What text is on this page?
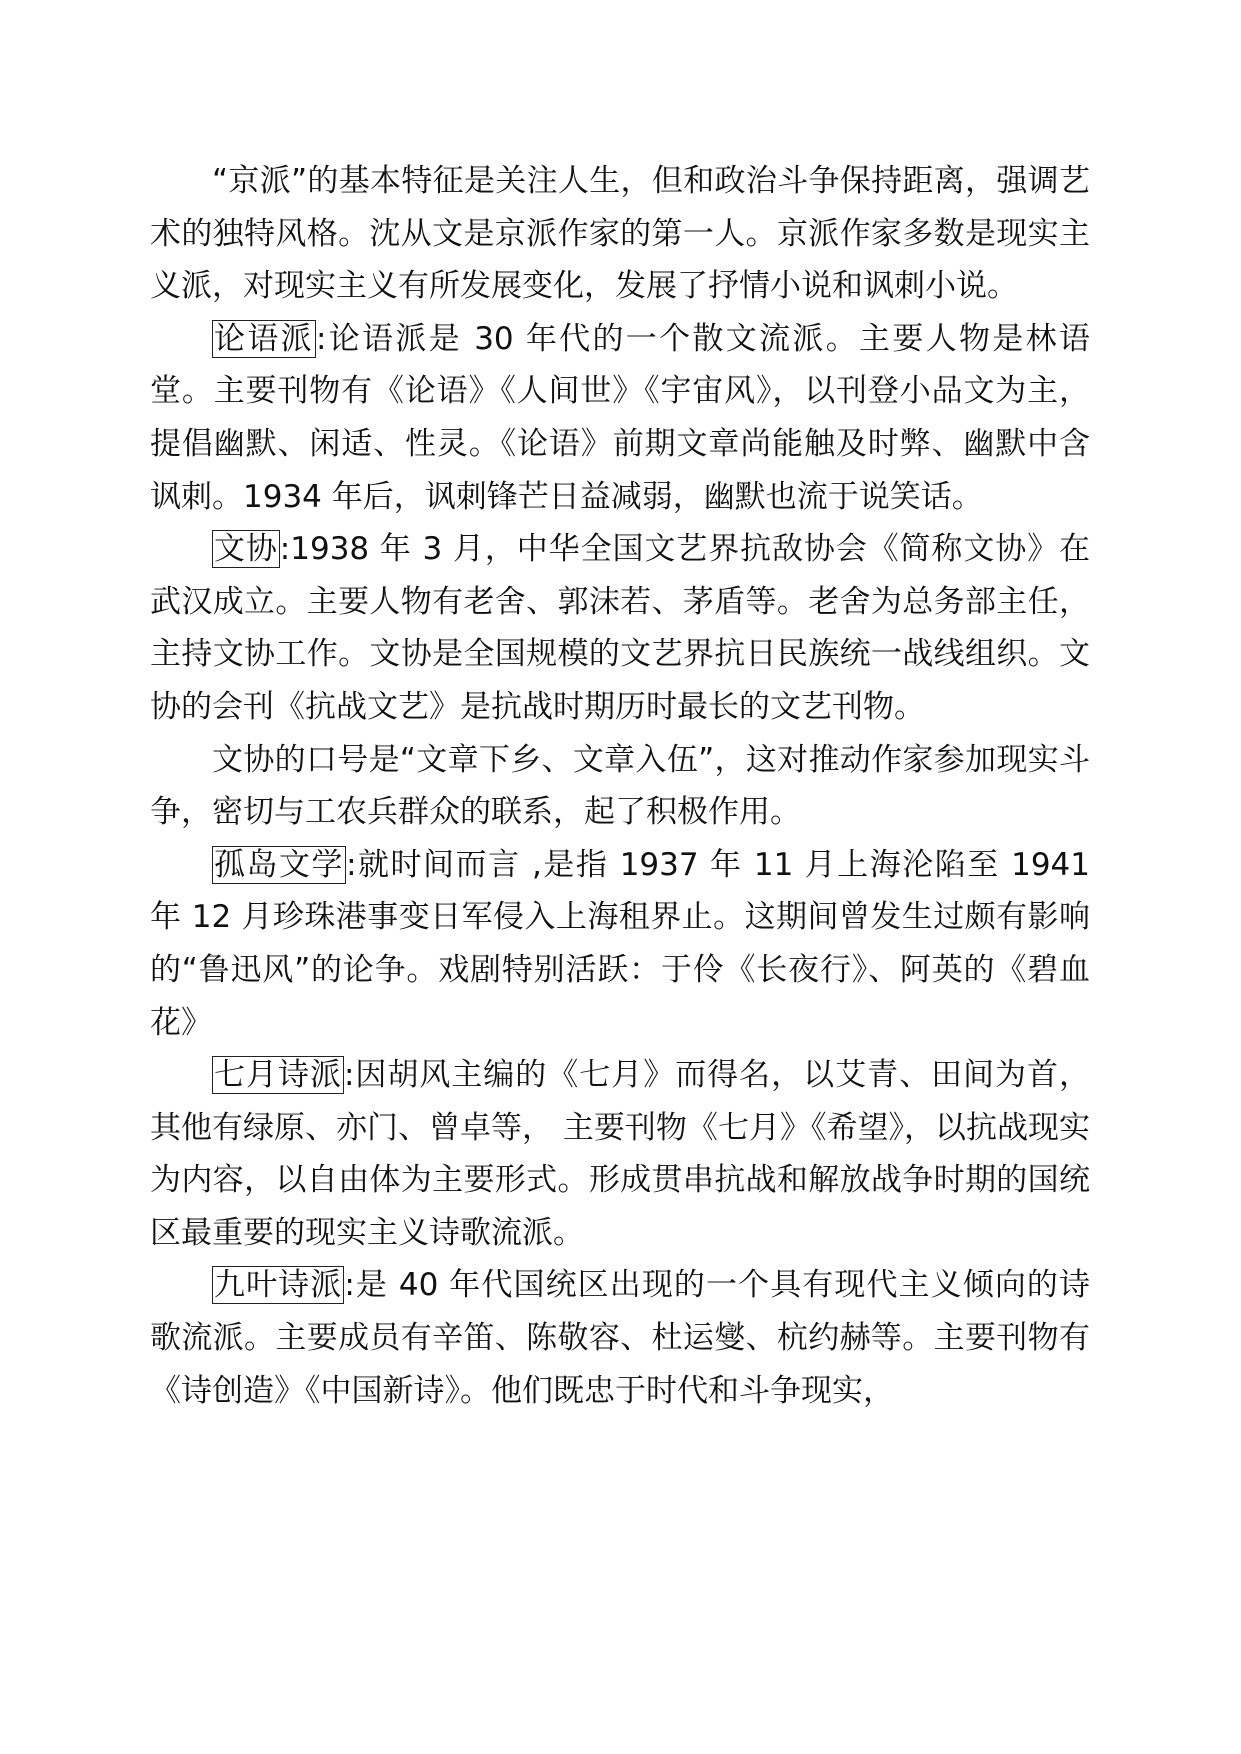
“京派”的基本特征是关注人生，但和政治斗争保持距离，强调艺术的独特风格。沈从文是京派作家的第一人。京派作家多数是现实主义派，对现实主义有所发展变化，发展了抒情小说和讽刺小说。

论语派:论语派是 30 年代的一个散文流派。主要人物是林语堂。主要刊物有《论语》《人间世》《宇宙风》，以刊登小品文为主，提倡幽默、闲适、性灵。《论语》前期文章尚能触及时弊、幽默中含讽刺。1934 年后，讽刺锋芒日益减弱，幽默也流于说笑话。

文协:1938 年 3 月，中华全国文艺界抗敌协会《简称文协》在武汉成立。主要人物有老舍、郭沫若、茅盾等。老舍为总务部主任，主持文协工作。文协是全国规模的文艺界抗日民族统一战线组织。文协的会刊《抗战文艺》是抗战时期历时最长的文艺刊物。

文协的口号是“文章下乡、文章入伍”，这对推动作家参加现实斗争，密切与工农兵群众的联系，起了积极作用。

孤岛文学:就时间而言 ,是指 1937 年 11 月上海沦陷至 1941 年 12 月珍珠港事变日军侵入上海租界止。这期间曾发生过颇有影响的“鲁迅风”的论争。戏剧特别活跃：于伶《长夜行》、阿英的《碧血花》

七月诗派:因胡风主编的《七月》而得名，以艾青、田间为首，其他有绿原、亦门、曾卓等， 主要刊物《七月》《希望》，以抗战现实为内容，以自由体为主要形式。形成贯串抗战和解放战争时期的国统区最重要的现实主义诗歌流派。

九叶诗派:是 40 年代国统区出现的一个具有现代主义倾向的诗歌流派。主要成员有辛笛、陈敬容、杜运燮、杭约赫等。主要刊物有《诗创造》《中国新诗》。他们既忠于时代和斗争现实，
